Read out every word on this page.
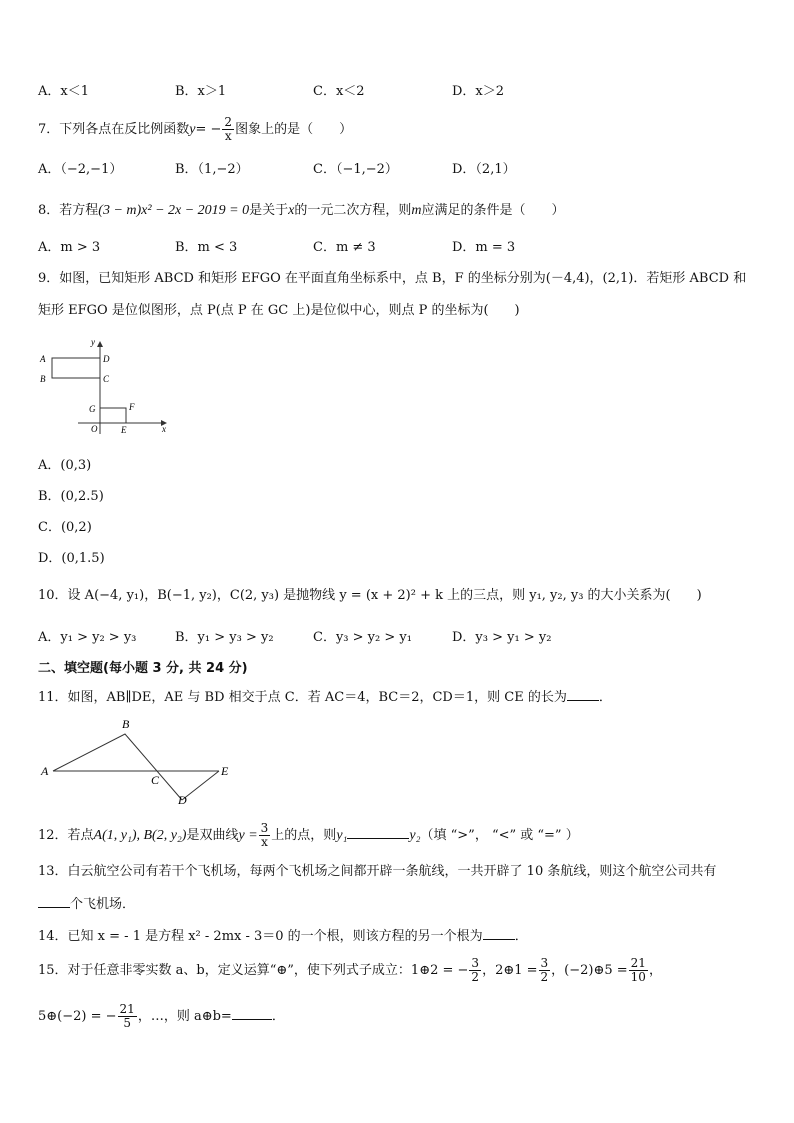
A．x＜1	B．x＞1	C．x＜2	D．x＞2
7．下列各点在反比例函数$y= - \frac{2}{x}$ 图象上的是（　　）
A．（−2,−1）	B．（1,−2）	C．（−1,−2）	D．（2,1）
8．若方程(3 − m)x² − 2x − 2019 = 0是关于x的一元二次方程，则m应满足的条件是（　　）
A．m > 3	B．m < 3	C．m ≠ 3	D．m = 3
9．如图，已知矩形 ABCD 和矩形 EFGO 在平面直角坐标系中，点 B，F 的坐标分别为(－4,4)，(2,1)．若矩形 ABCD 和
矩形 EFGO 是位似图形，点 P(点 P 在 GC 上)是位似中心，则点 P 的坐标为(　　)
y
A	D
B	C
G	F
O	E	x
A．(0,3)
B．(0,2.5)
C．(0,2)
D．(0,1.5)
10．设 A(−4, y₁)，B(−1, y₂)，C(2, y₃) 是抛物线 y = (x + 2)² + k 上的三点，则 y₁, y₂, y₃ 的大小关系为(　　)
A．y₁ > y₂ > y₃	B．y₁ > y₃ > y₂	C．y₃ > y₂ > y₁	D．y₃ > y₁ > y₂
二、填空题(每小题 3 分, 共 24 分)
11．如图，AB∥DE，AE 与 BD 相交于点 C．若 AC＝4，BC＝2，CD＝1，则 CE 的长为 ．
B
A
C
E
D
12．若点A(1, y₁), B(2, y₂)是双曲线$y = \frac{3}{x}$ 上的点，则y₁	y₂（填 “>”， “<” 或 “=” ）
13．白云航空公司有若干个飞机场，每两个飞机场之间都开辟一条航线，一共开辟了 10 条航线，则这个航空公司共有
个飞机场．
14．已知 x = - 1 是方程 x² - 2mx - 3＝0 的一个根，则该方程的另一个根为 ．
15．对于任意非零实数 a、b，定义运算“⊕”，使下列式子成立：1⊕2 = − $\frac{3}{2}$ ，2⊕1 = $\frac{3}{2}$ ，(−2)⊕5 = $\frac{21}{10}$ ，
5⊕(−2) = − $\frac{21}{5}$ ，…，则 a⊕b=	．
